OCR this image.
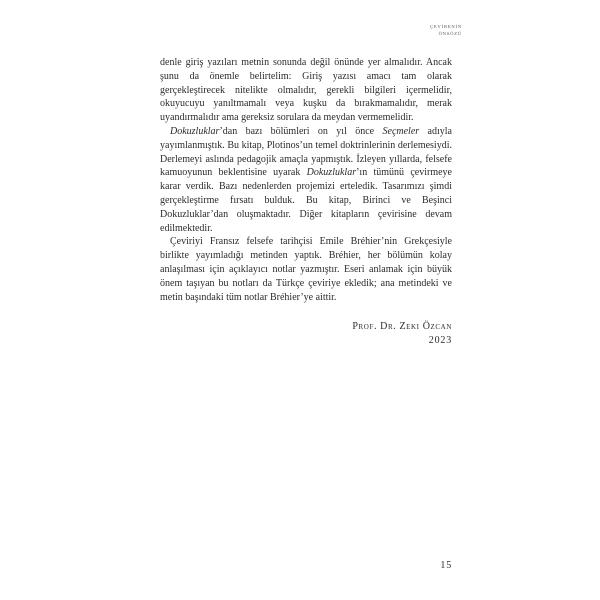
ÇEVİRENİN
ÖNSÖZÜ

denle giriş yazıları metnin sonunda değil önünde yer almalıdır. Ancak şunu da önemle belirtelim: Giriş yazısı amacı tam olarak gerçekleştirecek nitelikte olmalıdır, gerekli bilgileri içermelidir, okuyucuyu yanıltmamalı veya kuşku da bırakmamalıdır, merak uyandırmalıdır ama gereksiz sorulara da meydan vermemelidir.

Dokuzluklar’dan bazı bölümleri on yıl önce Seçmeler adıyla yayımlanmıştık. Bu kitap, Plotinos’un temel doktrinlerinin derlemesiydi. Derlemeyi aslında pedagojik amaçla yapmıştık. İzleyen yıllarda, felsefe kamuoyunun beklentisine uyarak Dokuzluklar’ın tümünü çevirmeye karar verdik. Bazı nedenlerden projemizi erteledik. Tasarımızı şimdi gerçekleştirme fırsatı bulduk. Bu kitap, Birinci ve Beşinci Dokuzluklar’dan oluşmaktadır. Diğer kitapların çevirisine devam edilmektedir.

Çeviriyi Fransız felsefe tarihçisi Emile Bréhier’nin Grekçesiyle birlikte yayımladığı metinden yaptık. Bréhier, her bölümün kolay anlaşılması için açıklayıcı notlar yazmıştır. Eseri anlamak için büyük önem taşıyan bu notları da Türkçe çeviriye ekledik; ana metindeki ve metin başındaki tüm notlar Bréhier’ye aittir.

Prof. Dr. Zeki Özcan
2023
15
